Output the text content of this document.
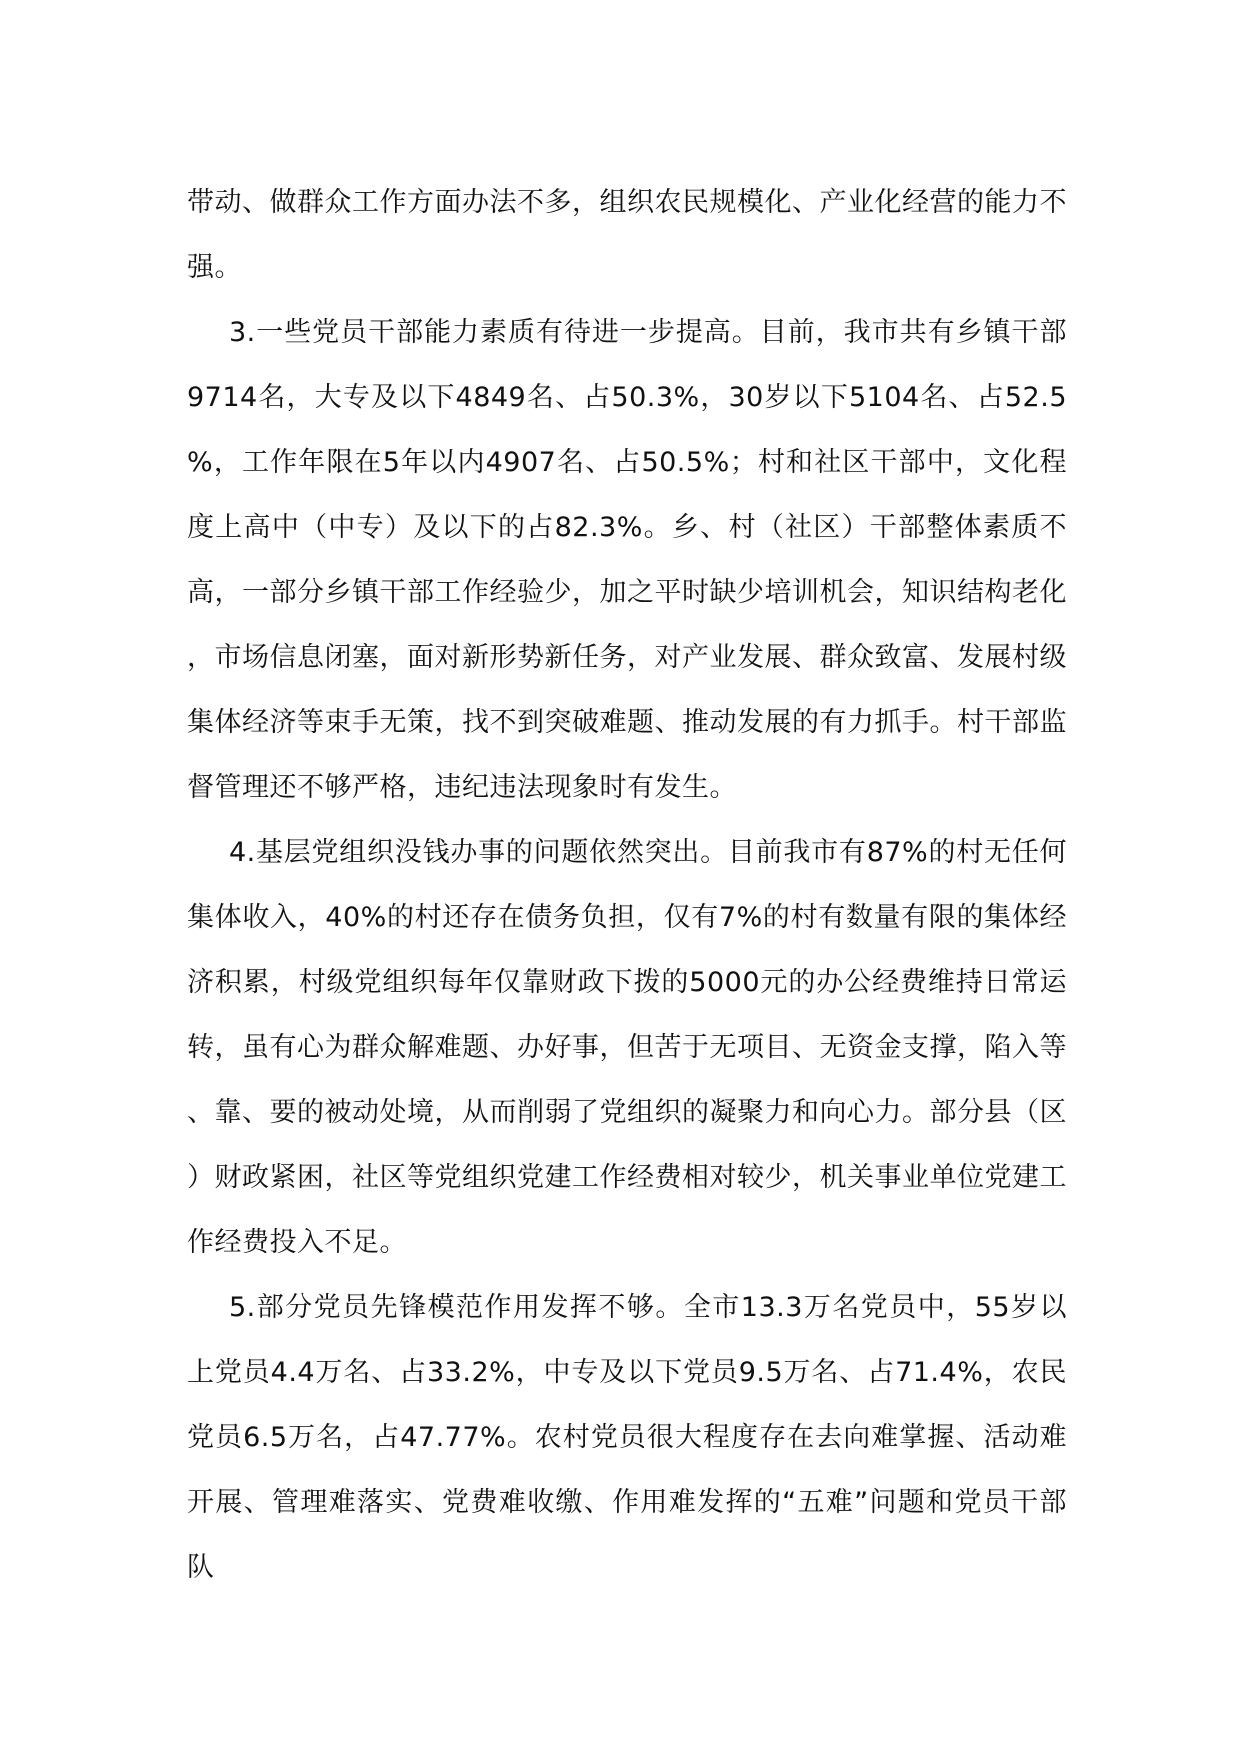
带动、做群众工作方面办法不多，组织农民规模化、产业化经营的能力不强。

3.一些党员干部能力素质有待进一步提高。目前，我市共有乡镇干部9714名，大专及以下4849名、占50.3%，30岁以下5104名、占52.5%，工作年限在5年以内4907名、占50.5%；村和社区干部中，文化程度上高中（中专）及以下的占82.3%。乡、村（社区）干部整体素质不高，一部分乡镇干部工作经验少，加之平时缺少培训机会，知识结构老化，市场信息闭塞，面对新形势新任务，对产业发展、群众致富、发展村级集体经济等束手无策，找不到突破难题、推动发展的有力抓手。村干部监督管理还不够严格，违纪违法现象时有发生。

4.基层党组织没钱办事的问题依然突出。目前我市有87%的村无任何集体收入，40%的村还存在债务负担，仅有7%的村有数量有限的集体经济积累，村级党组织每年仅靠财政下拨的5000元的办公经费维持日常运转，虽有心为群众解难题、办好事，但苦于无项目、无资金支撑，陷入等、靠、要的被动处境，从而削弱了党组织的凝聚力和向心力。部分县（区）财政紧困，社区等党组织党建工作经费相对较少，机关事业单位党建工作经费投入不足。

5.部分党员先锋模范作用发挥不够。全市13.3万名党员中，55岁以上党员4.4万名、占33.2%，中专及以下党员9.5万名、占71.4%，农民党员6.5万名，占47.77%。农村党员很大程度存在去向难掌握、活动难开展、管理难落实、党费难收缴、作用难发挥的“五难”问题和党员干部队
